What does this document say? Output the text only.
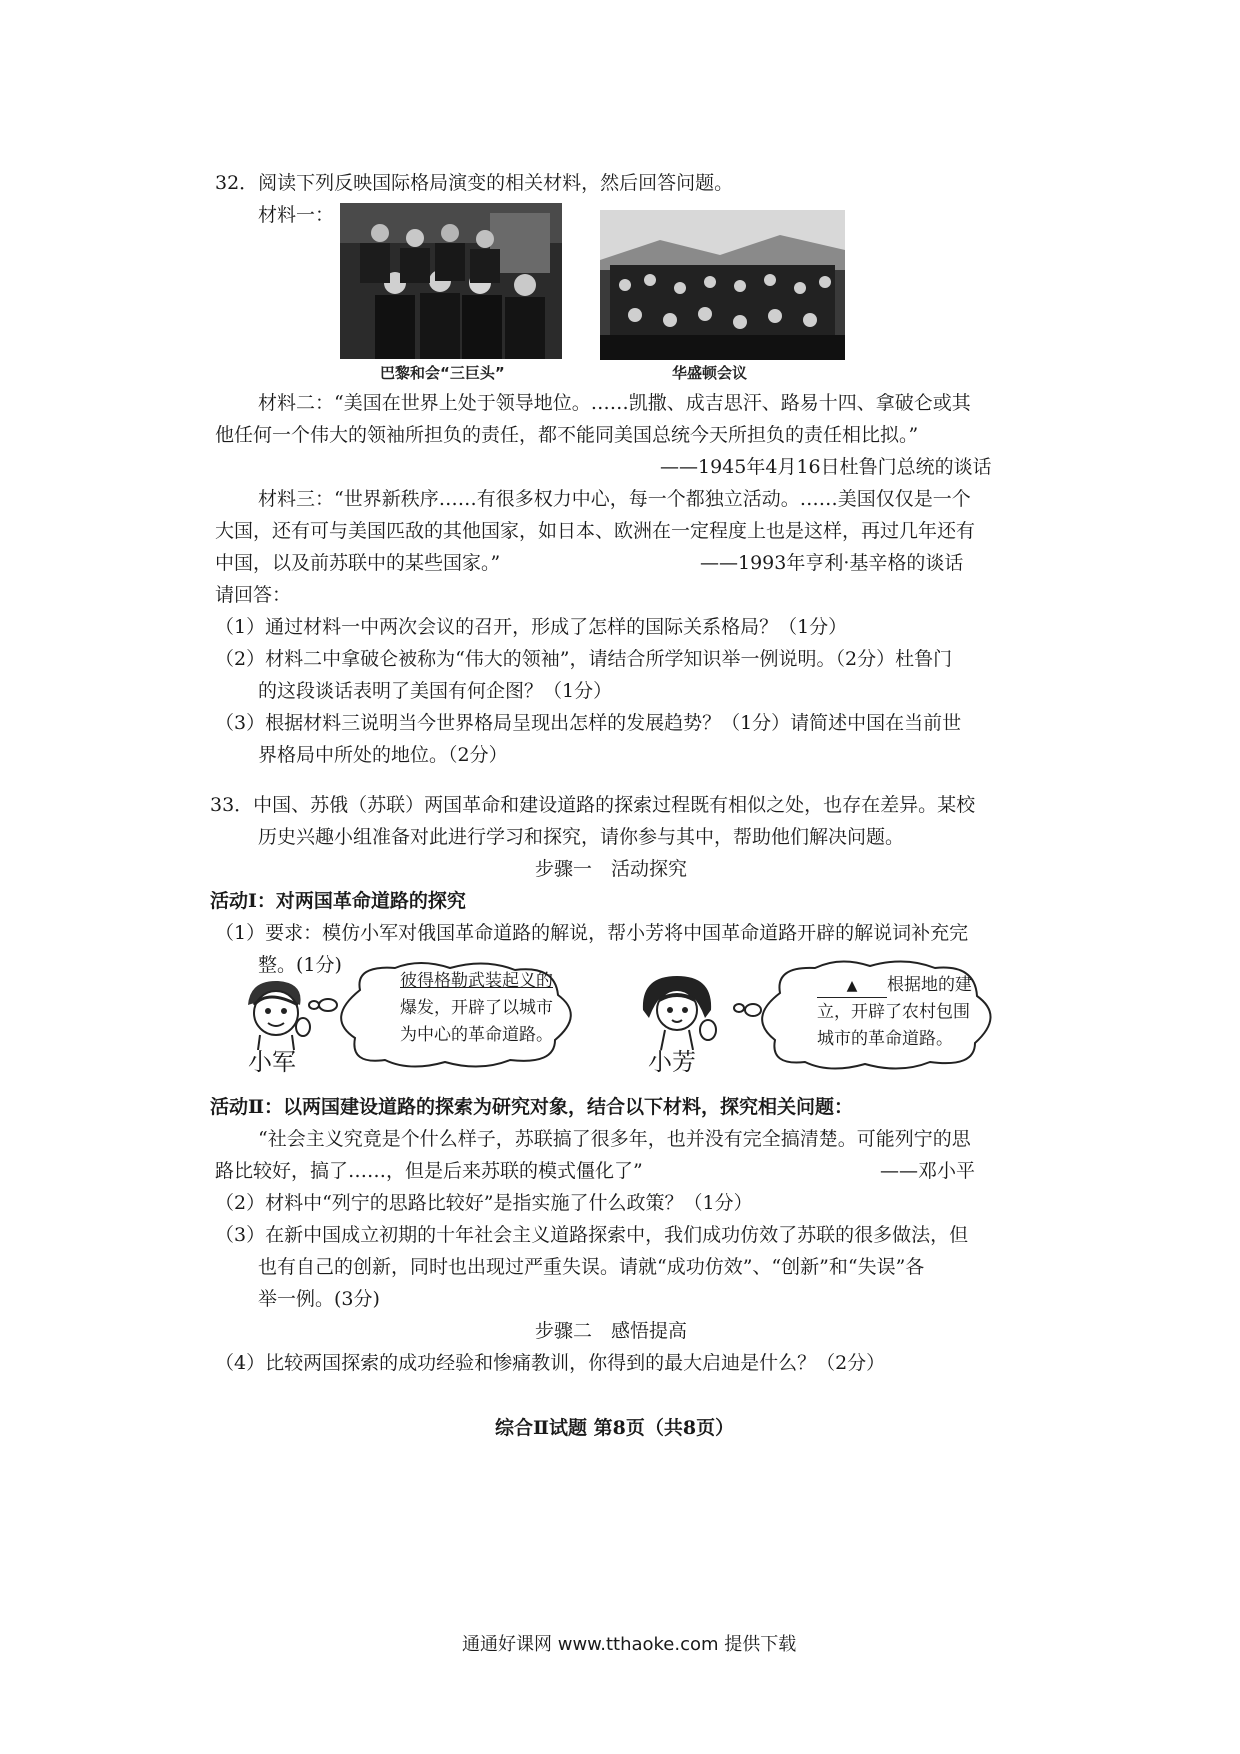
32．阅读下列反映国际格局演变的相关材料，然后回答问题。
材料一：
巴黎和会“三巨头”	华盛顿会议
材料二：“美国在世界上处于领导地位。……凯撒、成吉思汗、路易十四、拿破仑或其
他任何一个伟大的领袖所担负的责任，都不能同美国总统今天所担负的责任相比拟。”
——1945年4月16日杜鲁门总统的谈话
材料三：“世界新秩序……有很多权力中心，每一个都独立活动。……美国仅仅是一个
大国，还有可与美国匹敌的其他国家，如日本、欧洲在一定程度上也是这样，再过几年还有
中国，以及前苏联中的某些国家。”	——1993年亨利·基辛格的谈话
请回答：
（1）通过材料一中两次会议的召开，形成了怎样的国际关系格局？（1分）
（2）材料二中拿破仑被称为“伟大的领袖”，请结合所学知识举一例说明。（2分）杜鲁门
的这段谈话表明了美国有何企图？（1分）
（3）根据材料三说明当今世界格局呈现出怎样的发展趋势？（1分）请简述中国在当前世
界格局中所处的地位。（2分）
33．中国、苏俄（苏联）两国革命和建设道路的探索过程既有相似之处，也存在差异。某校
历史兴趣小组准备对此进行学习和探究，请你参与其中，帮助他们解决问题。
步骤一　活动探究
活动Ⅰ：对两国革命道路的探究
（1）要求：模仿小军对俄国革命道路的解说，帮小芳将中国革命道路开辟的解说词补充完
整。(1分)
小军
彼得格勒武装起义的
爆发，开辟了以城市
为中心的革命道路。
小芳
▲ 根据地的建
立，开辟了农村包围
城市的革命道路。
活动Ⅱ：以两国建设道路的探索为研究对象，结合以下材料，探究相关问题：
“社会主义究竟是个什么样子，苏联搞了很多年，也并没有完全搞清楚。可能列宁的思
路比较好，搞了……，但是后来苏联的模式僵化了”	——邓小平
（2）材料中“列宁的思路比较好”是指实施了什么政策？（1分）
（3）在新中国成立初期的十年社会主义道路探索中，我们成功仿效了苏联的很多做法，但
也有自己的创新，同时也出现过严重失误。请就“成功仿效”、“创新”和“失误”各
举一例。(3分)
步骤二　感悟提高
（4）比较两国探索的成功经验和惨痛教训，你得到的最大启迪是什么？（2分）
综合Ⅱ试题 第8页（共8页）
通通好课网 www.tthaoke.com 提供下载
